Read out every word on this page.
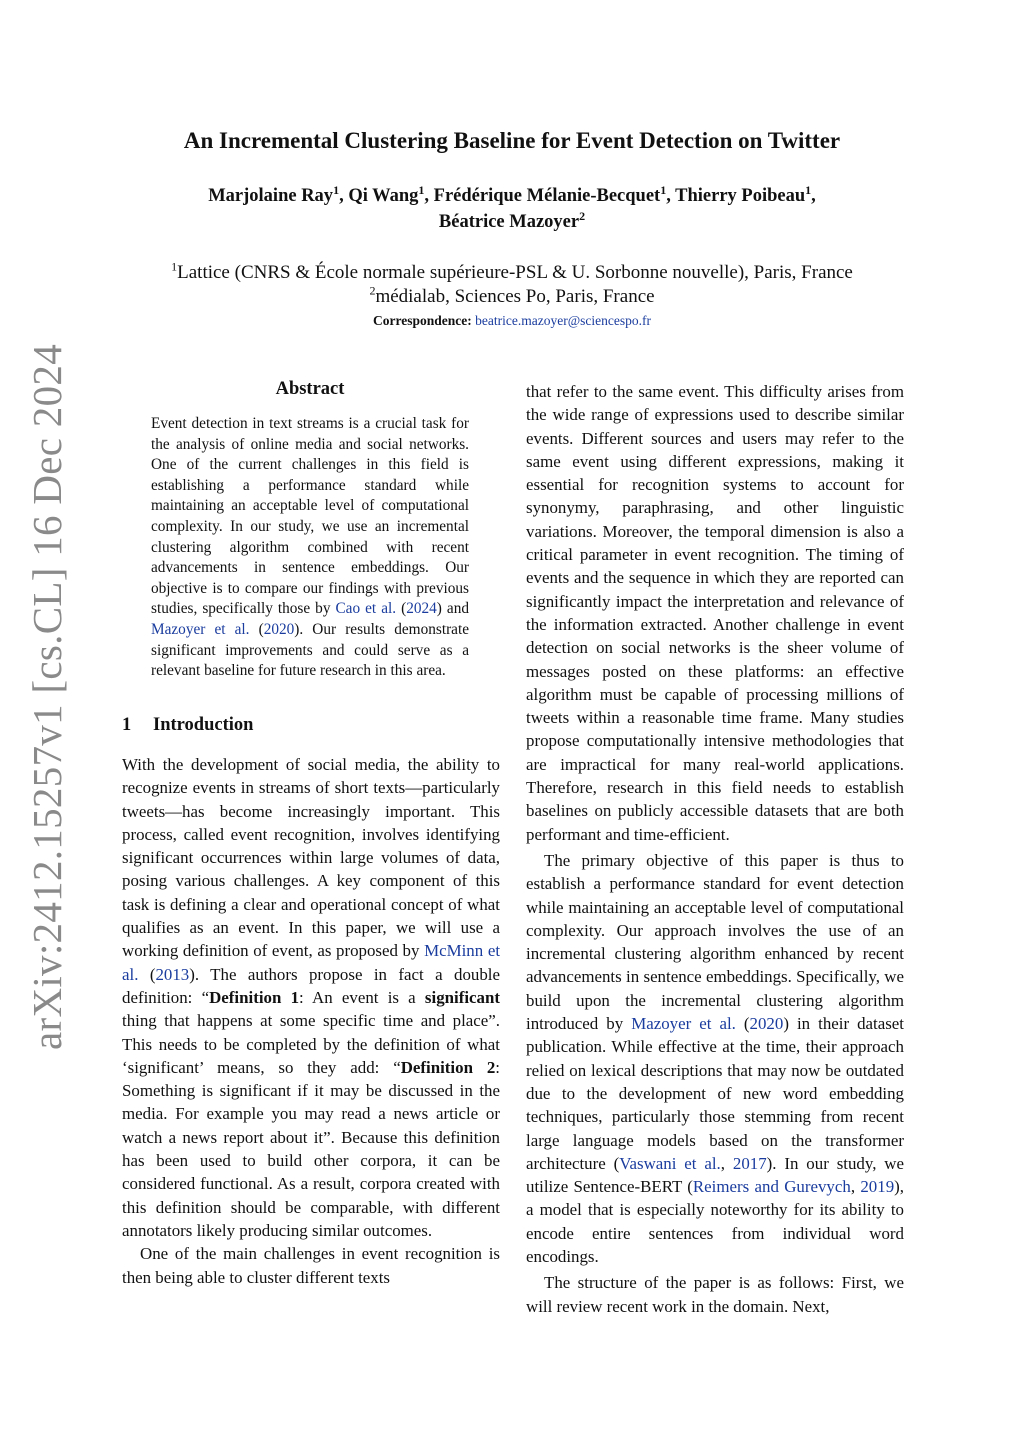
arXiv:2412.15257v1 [cs.CL] 16 Dec 2024
An Incremental Clustering Baseline for Event Detection on Twitter
Marjolaine Ray$^1$, Qi Wang$^1$, Frédérique Mélanie-Becquet$^1$, Thierry Poibeau$^1$,
Béatrice Mazoyer$^2$
$^1$Lattice (CNRS & École normale supérieure-PSL & U. Sorbonne nouvelle), Paris, France
$^2$médialab, Sciences Po, Paris, France
Correspondence: beatrice.mazoyer@sciencespo.fr
Abstract
Event detection in text streams is a crucial task for the analysis of online media and social networks. One of the current challenges in this field is establishing a performance standard while maintaining an acceptable level of computational complexity. In our study, we use an incremental clustering algorithm combined with recent advancements in sentence embeddings. Our objective is to compare our findings with previous studies, specifically those by Cao et al. (2024) and Mazoyer et al. (2020). Our results demonstrate significant improvements and could serve as a relevant baseline for future research in this area.
1 Introduction

With the development of social media, the ability to recognize events in streams of short texts—particularly tweets—has become increasingly important. This process, called event recognition, involves identifying significant occurrences within large volumes of data, posing various challenges. A key component of this task is defining a clear and operational concept of what qualifies as an event. In this paper, we will use a working definition of event, as proposed by McMinn et al. (2013). The authors propose in fact a double definition: “Definition 1: An event is a significant thing that happens at some specific time and place”. This needs to be completed by the definition of what ‘significant’ means, so they add: “Definition 2: Something is significant if it may be discussed in the media. For example you may read a news article or watch a news report about it”. Because this definition has been used to build other corpora, it can be considered functional. As a result, corpora created with this definition should be comparable, with different annotators likely producing similar outcomes.

One of the main challenges in event recognition is then being able to cluster different texts

that refer to the same event. This difficulty arises from the wide range of expressions used to describe similar events. Different sources and users may refer to the same event using different expressions, making it essential for recognition systems to account for synonymy, paraphrasing, and other linguistic variations. Moreover, the temporal dimension is also a critical parameter in event recognition. The timing of events and the sequence in which they are reported can significantly impact the interpretation and relevance of the information extracted. Another challenge in event detection on social networks is the sheer volume of messages posted on these platforms: an effective algorithm must be capable of processing millions of tweets within a reasonable time frame. Many studies propose computationally intensive methodologies that are impractical for many real-world applications. Therefore, research in this field needs to establish baselines on publicly accessible datasets that are both performant and time-efficient.

The primary objective of this paper is thus to establish a performance standard for event detection while maintaining an acceptable level of computational complexity. Our approach involves the use of an incremental clustering algorithm enhanced by recent advancements in sentence embeddings. Specifically, we build upon the incremental clustering algorithm introduced by Mazoyer et al. (2020) in their dataset publication. While effective at the time, their approach relied on lexical descriptions that may now be outdated due to the development of new word embedding techniques, particularly those stemming from recent large language models based on the transformer architecture (Vaswani et al., 2017). In our study, we utilize Sentence-BERT (Reimers and Gurevych, 2019), a model that is especially noteworthy for its ability to encode entire sentences from individual word encodings.

The structure of the paper is as follows: First, we will review recent work in the domain. Next,
